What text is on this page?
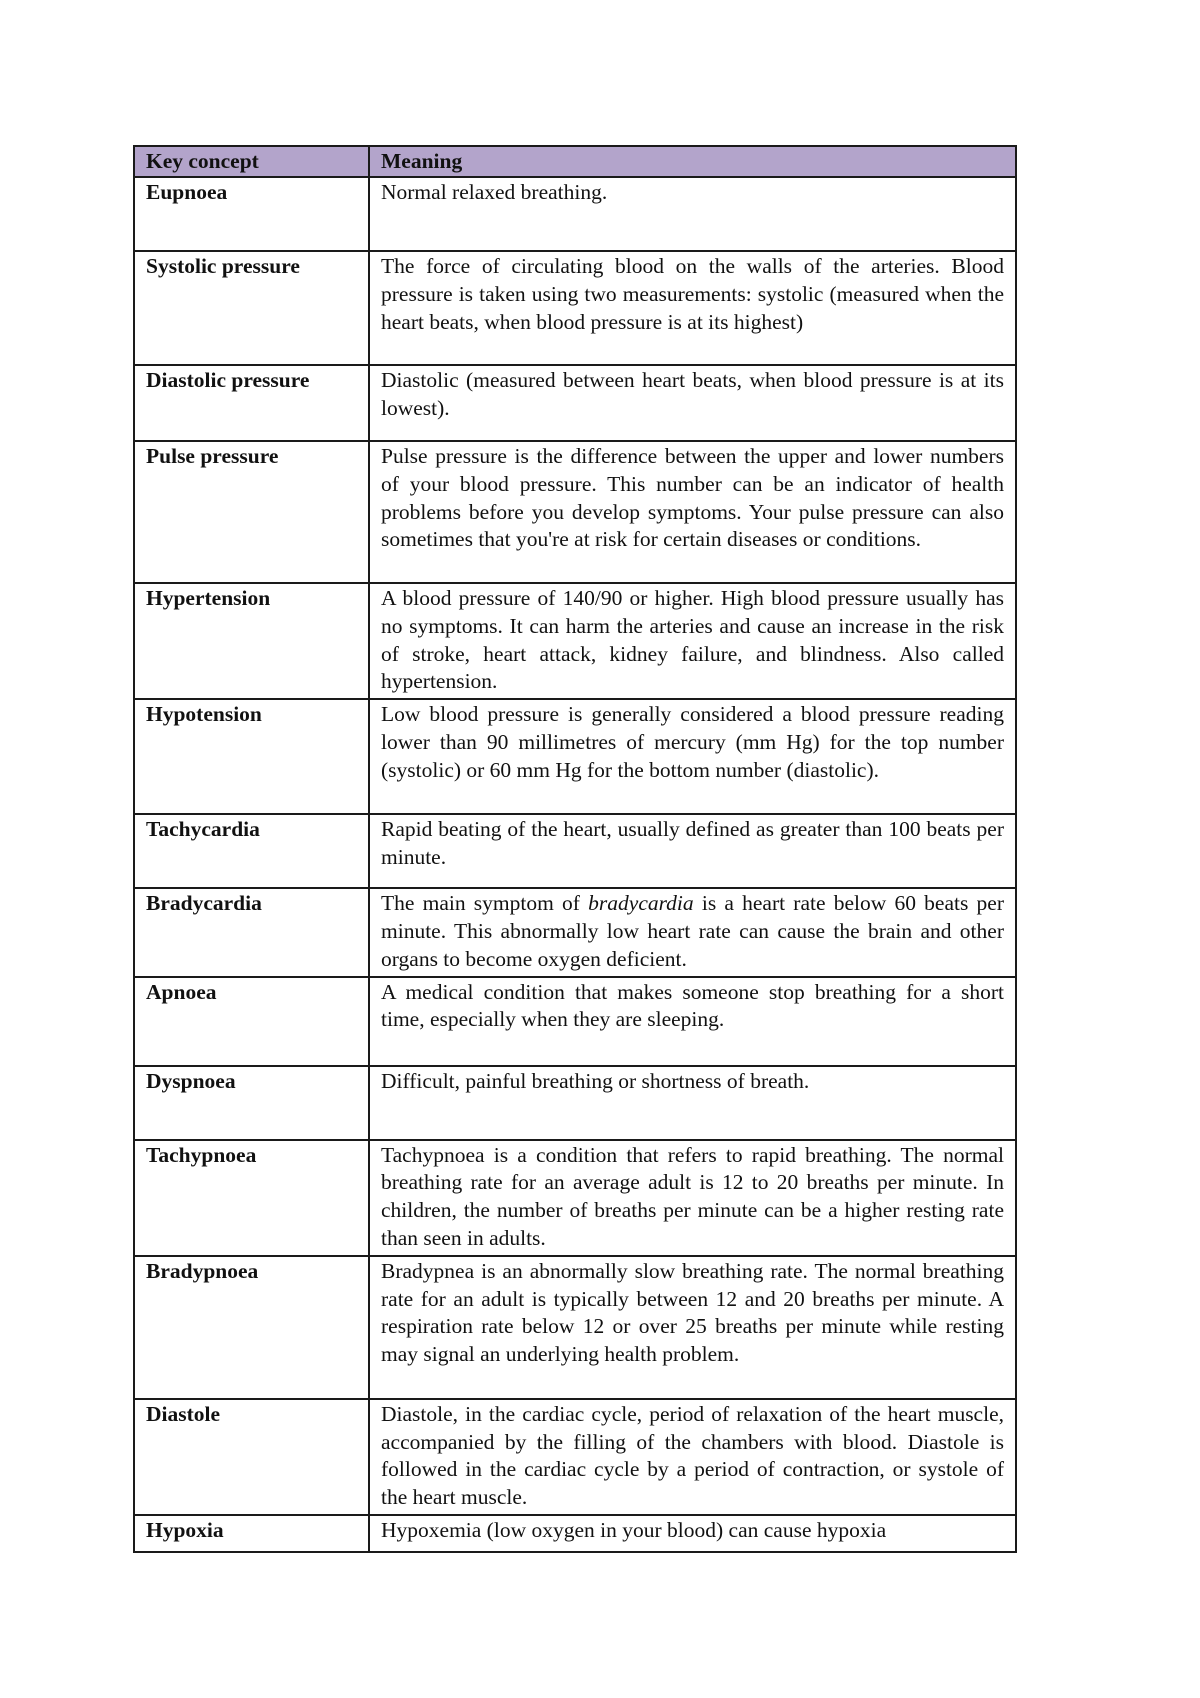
Key concept	Meaning
Eupnoea	Normal relaxed breathing.
Systolic pressure	The force of circulating blood on the walls of the arteries. Blood pressure is taken using two measurements: systolic (measured when the heart beats, when blood pressure is at its highest)
Diastolic pressure	Diastolic (measured between heart beats, when blood pressure is at its lowest).
Pulse pressure	Pulse pressure is the difference between the upper and lower numbers of your blood pressure. This number can be an indicator of health problems before you develop symptoms. Your pulse pressure can also sometimes that you're at risk for certain diseases or conditions.
Hypertension	A blood pressure of 140/90 or higher. High blood pressure usually has no symptoms. It can harm the arteries and cause an increase in the risk of stroke, heart attack, kidney failure, and blindness. Also called hypertension.
Hypotension	Low blood pressure is generally considered a blood pressure reading lower than 90 millimetres of mercury (mm Hg) for the top number (systolic) or 60 mm Hg for the bottom number (diastolic).
Tachycardia	Rapid beating of the heart, usually defined as greater than 100 beats per minute.
Bradycardia	The main symptom of bradycardia is a heart rate below 60 beats per minute. This abnormally low heart rate can cause the brain and other organs to become oxygen deficient.
Apnoea	A medical condition that makes someone stop breathing for a short time, especially when they are sleeping.
Dyspnoea	Difficult, painful breathing or shortness of breath.
Tachypnoea	Tachypnoea is a condition that refers to rapid breathing. The normal breathing rate for an average adult is 12 to 20 breaths per minute. In children, the number of breaths per minute can be a higher resting rate than seen in adults.
Bradypnoea	Bradypnea is an abnormally slow breathing rate. The normal breathing rate for an adult is typically between 12 and 20 breaths per minute. A respiration rate below 12 or over 25 breaths per minute while resting may signal an underlying health problem.
Diastole	Diastole, in the cardiac cycle, period of relaxation of the heart muscle, accompanied by the filling of the chambers with blood. Diastole is followed in the cardiac cycle by a period of contraction, or systole of the heart muscle.
Hypoxia	Hypoxemia (low oxygen in your blood) can cause hypoxia
